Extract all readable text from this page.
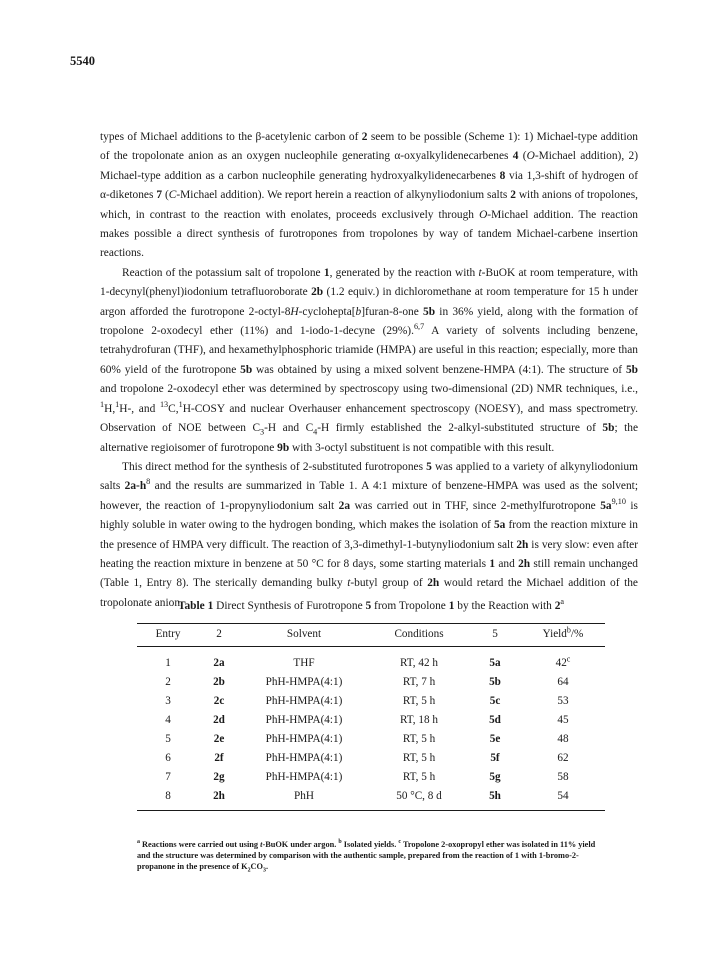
5540

types of Michael additions to the β-acetylenic carbon of 2 seem to be possible (Scheme 1): 1) Michael-type addition of the tropolonate anion as an oxygen nucleophile generating α-oxyalkylidenecarbenes 4 (O-Michael addition), 2) Michael-type addition as a carbon nucleophile generating hydroxyalkylidenecarbenes 8 via 1,3-shift of hydrogen of α-diketones 7 (C-Michael addition). We report herein a reaction of alkynyliodonium salts 2 with anions of tropolones, which, in contrast to the reaction with enolates, proceeds exclusively through O-Michael addition. The reaction makes possible a direct synthesis of furotropones from tropolones by way of tandem Michael-carbene insertion reactions.

Reaction of the potassium salt of tropolone 1, generated by the reaction with t-BuOK at room temperature, with 1-decynyl(phenyl)iodonium tetrafluoroborate 2b (1.2 equiv.) in dichloromethane at room temperature for 15 h under argon afforded the furotropone 2-octyl-8H-cyclohepta[b]furan-8-one 5b in 36% yield, along with the formation of tropolone 2-oxodecyl ether (11%) and 1-iodo-1-decyne (29%).$^{6,7}$ A variety of solvents including benzene, tetrahydrofuran (THF), and hexamethylphosphoric triamide (HMPA) are useful in this reaction; especially, more than 60% yield of the furotropone 5b was obtained by using a mixed solvent benzene-HMPA (4:1). The structure of 5b and tropolone 2-oxodecyl ether was determined by spectroscopy using two-dimensional (2D) NMR techniques, i.e., $^1$H,$^1$H-, and $^{13}$C,$^1$H-COSY and nuclear Overhauser enhancement spectroscopy (NOESY), and mass spectrometry. Observation of NOE between $C_3-H$ and $C_4-H$ firmly established the 2-alkyl-substituted structure of 5b; the alternative regioisomer of furotropone 9b with 3-octyl substituent is not compatible with this result.

This direct method for the synthesis of 2-substituted furotropones 5 was applied to a variety of alkynyliodonium salts $2a-h^8$ and the results are summarized in Table 1. A 4:1 mixture of benzene-HMPA was used as the solvent; however, the reaction of 1-propynyliodonium salt 2a was carried out in THF, since 2-methylfurotropone $5a^{9,10}$ is highly soluble in water owing to the hydrogen bonding, which makes the isolation of 5a from the reaction mixture in the presence of HMPA very difficult. The reaction of 3,3-dimethyl-1-butynyliodonium salt 2h is very slow: even after heating the reaction mixture in benzene at 50 °C for 8 days, some starting materials 1 and 2h still remain unchanged (Table 1, Entry 8). The sterically demanding bulky t-butyl group of 2h would retard the Michael addition of the tropolonate anion.

Table 1 Direct Synthesis of Furotropone 5 from Tropolone 1 by the Reaction with 2$^a$
Entry	2	Solvent	Conditions	5	Yield$^b$/%
1	2a	THF	RT, 42 h	5a	42$^c$
2	2b	PhH-HMPA(4:1)	RT, 7 h	5b	64
3	2c	PhH-HMPA(4:1)	RT, 5 h	5c	53
4	2d	PhH-HMPA(4:1)	RT, 18 h	5d	45
5	2e	PhH-HMPA(4:1)	RT, 5 h	5e	48
6	2f	PhH-HMPA(4:1)	RT, 5 h	5f	62
7	2g	PhH-HMPA(4:1)	RT, 5 h	5g	58
8	2h	PhH	50 °C, 8 d	5h	54
$^a$ Reactions were carried out using t-BuOK under argon. $^b$ Isolated yields. $^c$ Tropolone 2-oxopropyl ether was isolated in 11% yield and the structure was determined by comparison with the authentic sample, prepared from the reaction of 1 with 1-bromo-2-propanone in the presence of $K_2CO_3$.
